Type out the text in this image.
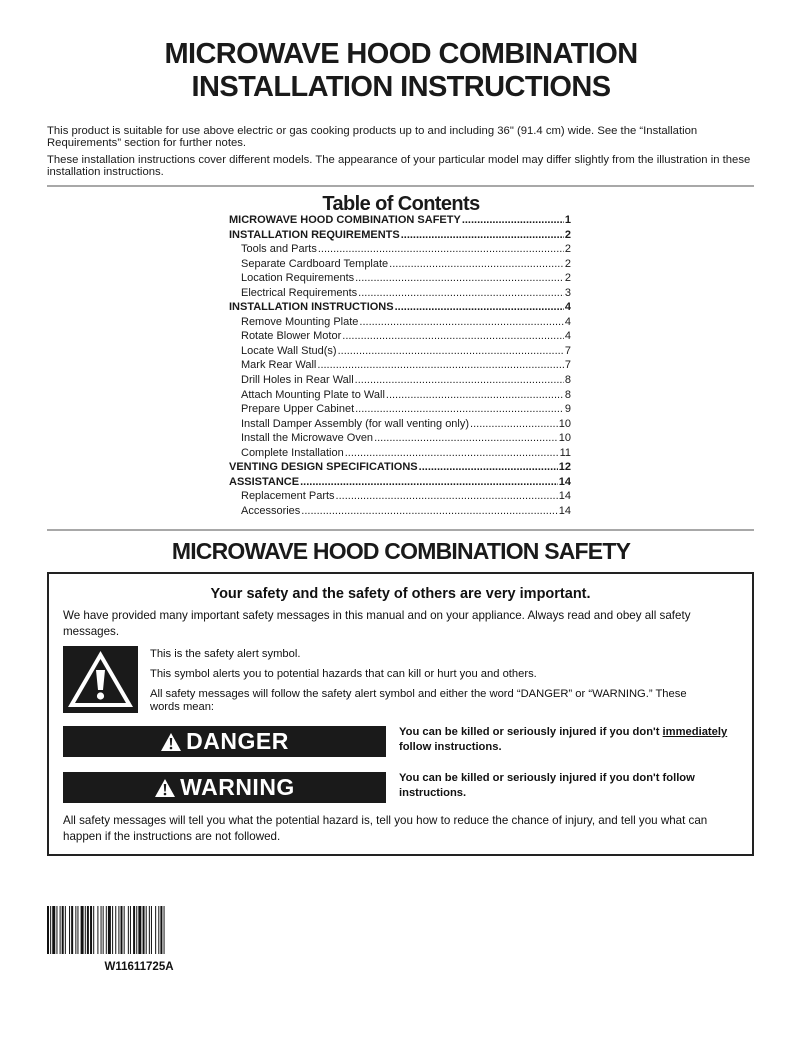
MICROWAVE HOOD COMBINATION
INSTALLATION INSTRUCTIONS
This product is suitable for use above electric or gas cooking products up to and including 36" (91.4 cm) wide. See the “Installation Requirements” section for further notes.
These installation instructions cover different models. The appearance of your particular model may differ slightly from the illustration in these installation instructions.
Table of Contents
MICROWAVE HOOD COMBINATION SAFETY .....	1
INSTALLATION REQUIREMENTS .....	2
Tools and Parts .....	2
Separate Cardboard Template .....	2
Location Requirements .....	2
Electrical Requirements .....	3
INSTALLATION INSTRUCTIONS .....	4
Remove Mounting Plate .....	4
Rotate Blower Motor .....	4
Locate Wall Stud(s) .....	7
Mark Rear Wall .....	7
Drill Holes in Rear Wall .....	8
Attach Mounting Plate to Wall .....	8
Prepare Upper Cabinet .....	9
Install Damper Assembly (for wall venting only) .....	10
Install the Microwave Oven .....	10
Complete Installation .....	11
VENTING DESIGN SPECIFICATIONS .....	12
ASSISTANCE .....	14
Replacement Parts .....	14
Accessories .....	14
MICROWAVE HOOD COMBINATION SAFETY
Your safety and the safety of others are very important.
We have provided many important safety messages in this manual and on your appliance. Always read and obey all safety messages.

This is the safety alert symbol.

This symbol alerts you to potential hazards that can kill or hurt you and others.

All safety messages will follow the safety alert symbol and either the word “DANGER” or “WARNING.” These words mean:

DANGER	You can be killed or seriously injured if you don't immediately follow instructions.
WARNING	You can be killed or seriously injured if you don't follow instructions.
All safety messages will tell you what the potential hazard is, tell you how to reduce the chance of injury, and tell you what can happen if the instructions are not followed.
W11611725A
